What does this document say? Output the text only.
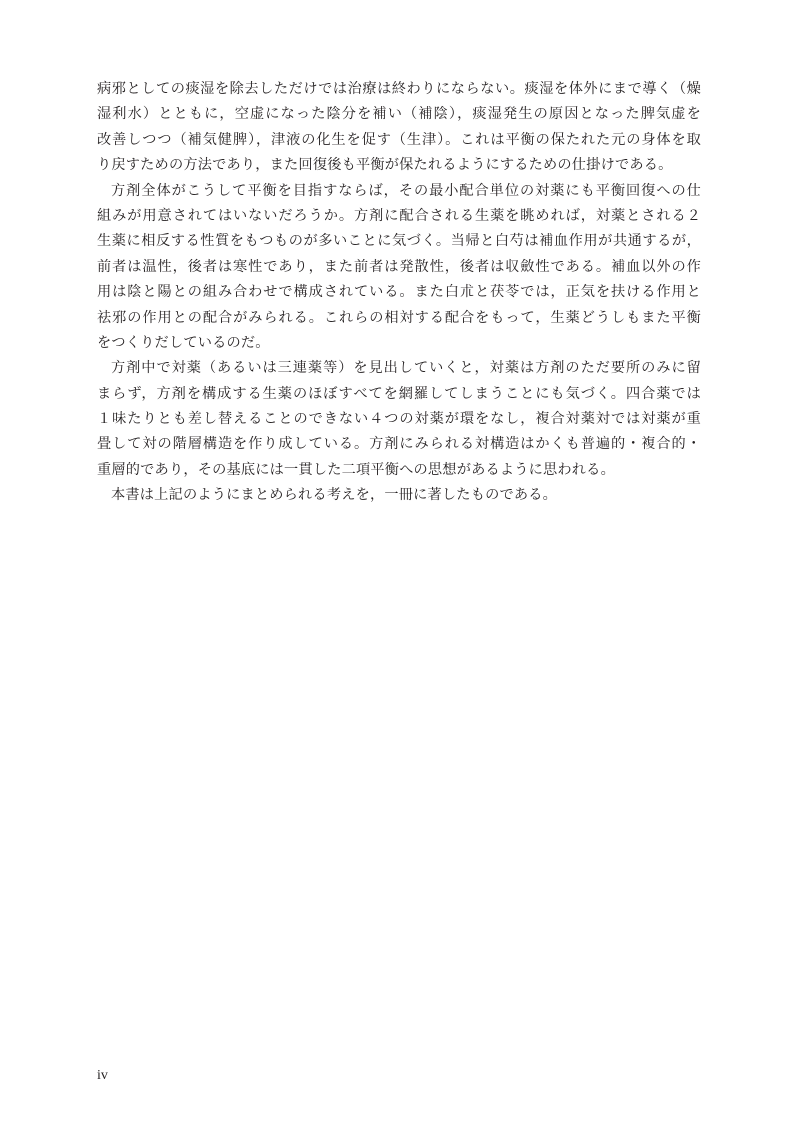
病邪としての痰湿を除去しただけでは治療は終わりにならない。痰湿を体外にまで導く（燥
湿利水）とともに，空虚になった陰分を補い（補陰），痰湿発生の原因となった脾気虚を
改善しつつ（補気健脾），津液の化生を促す（生津）。これは平衡の保たれた元の身体を取
り戻すための方法であり，また回復後も平衡が保たれるようにするための仕掛けである。
方剤全体がこうして平衡を目指すならば，その最小配合単位の対薬にも平衡回復への仕
組みが用意されてはいないだろうか。方剤に配合される生薬を眺めれば，対薬とされる２
生薬に相反する性質をもつものが多いことに気づく。当帰と白芍は補血作用が共通するが，
前者は温性，後者は寒性であり，また前者は発散性，後者は収斂性である。補血以外の作
用は陰と陽との組み合わせで構成されている。また白朮と茯苓では，正気を扶ける作用と
祛邪の作用との配合がみられる。これらの相対する配合をもって，生薬どうしもまた平衡
をつくりだしているのだ。
方剤中で対薬（あるいは三連薬等）を見出していくと，対薬は方剤のただ要所のみに留
まらず，方剤を構成する生薬のほぼすべてを網羅してしまうことにも気づく。四合薬では
１味たりとも差し替えることのできない４つの対薬が環をなし，複合対薬対では対薬が重
畳して対の階層構造を作り成している。方剤にみられる対構造はかくも普遍的・複合的・
重層的であり，その基底には一貫した二項平衡への思想があるように思われる。
本書は上記のようにまとめられる考えを，一冊に著したものである。
iv
